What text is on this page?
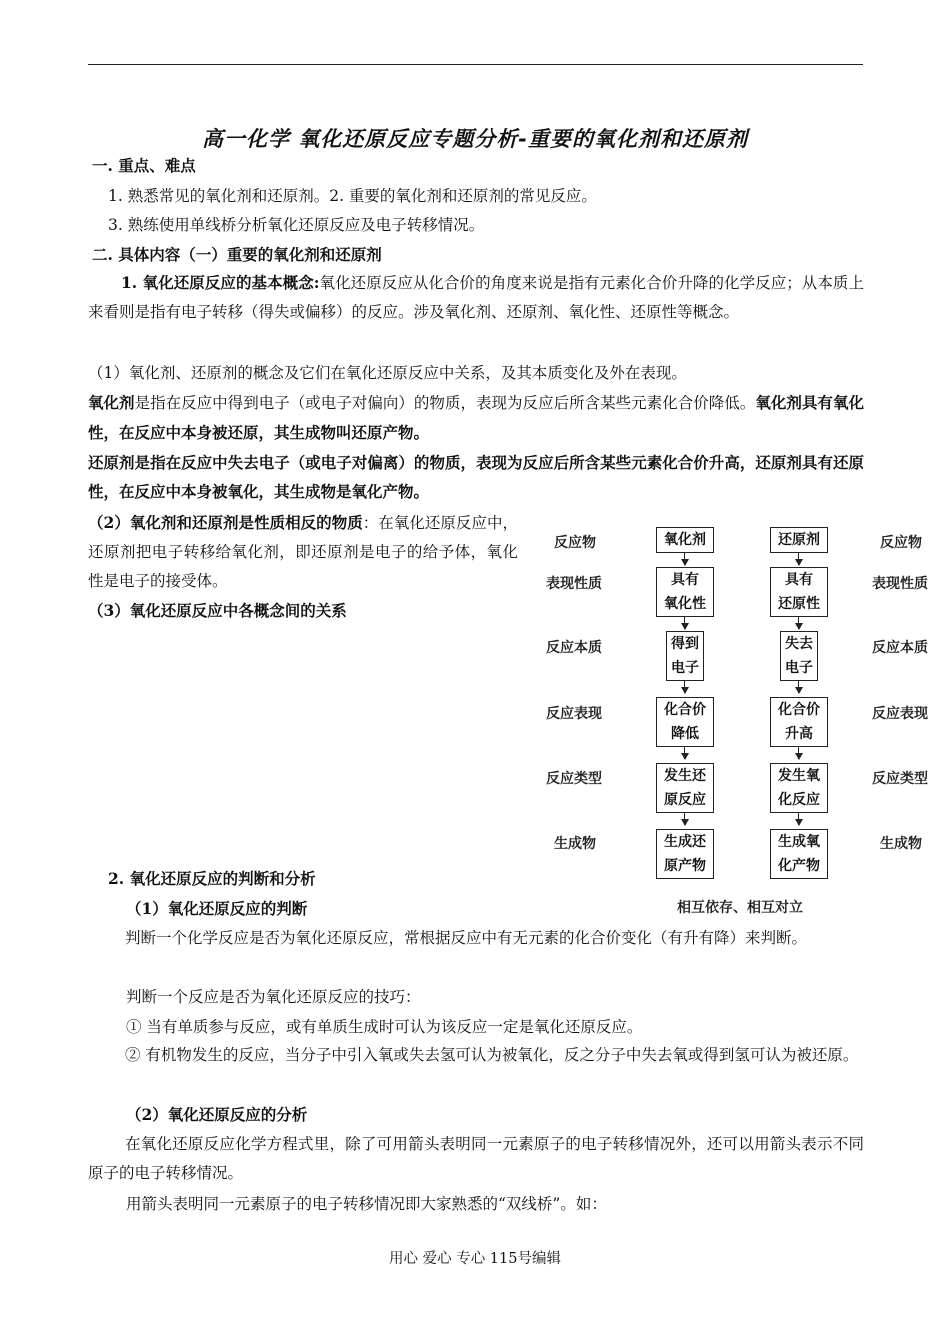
高一化学 氧化还原反应专题分析-重要的氧化剂和还原剂
一. 重点、难点
1. 熟悉常见的氧化剂和还原剂。2. 重要的氧化剂和还原剂的常见反应。
3. 熟练使用单线桥分析氧化还原反应及电子转移情况。
二. 具体内容（一）重要的氧化剂和还原剂
1. 氧化还原反应的基本概念:氧化还原反应从化合价的角度来说是指有元素化合价升降的化学反应；从本质上来看则是指有电子转移（得失或偏移）的反应。涉及氧化剂、还原剂、氧化性、还原性等概念。
（1）氧化剂、还原剂的概念及它们在氧化还原反应中关系，及其本质变化及外在表现。
氧化剂是指在反应中得到电子（或电子对偏向）的物质，表现为反应后所含某些元素化合价降低。氧化剂具有氧化性，在反应中本身被还原，其生成物叫还原产物。
还原剂是指在反应中失去电子（或电子对偏离）的物质，表现为反应后所含某些元素化合价升高，还原剂具有还原性，在反应中本身被氧化，其生成物是氧化产物。
（2）氧化剂和还原剂是性质相反的物质：在氧化还原反应中，还原剂把电子转移给氧化剂，即还原剂是电子的给予体，氧化性是电子的接受体。
（3）氧化还原反应中各概念间的关系
反应物
表现性质
反应本质
反应表现
反应类型
生成物
反应物
表现性质
反应本质
反应表现
反应类型
生成物
氧化剂
具有
氧化性
得到
电子
化合价
降低
发生还
原反应
生成还
原产物
还原剂
具有
还原性
失去
电子
化合价
升高
发生氧
化反应
生成氧
化产物
相互依存、相互对立
2. 氧化还原反应的判断和分析
（1）氧化还原反应的判断
判断一个化学反应是否为氧化还原反应，常根据反应中有无元素的化合价变化（有升有降）来判断。
判断一个反应是否为氧化还原反应的技巧：
① 当有单质参与反应，或有单质生成时可认为该反应一定是氧化还原反应。
② 有机物发生的反应，当分子中引入氧或失去氢可认为被氧化，反之分子中失去氧或得到氢可认为被还原。
（2）氧化还原反应的分析
在氧化还原反应化学方程式里，除了可用箭头表明同一元素原子的电子转移情况外，还可以用箭头表示不同原子的电子转移情况。
用箭头表明同一元素原子的电子转移情况即大家熟悉的“双线桥”。如：
用心 爱心 专心 115号编辑
